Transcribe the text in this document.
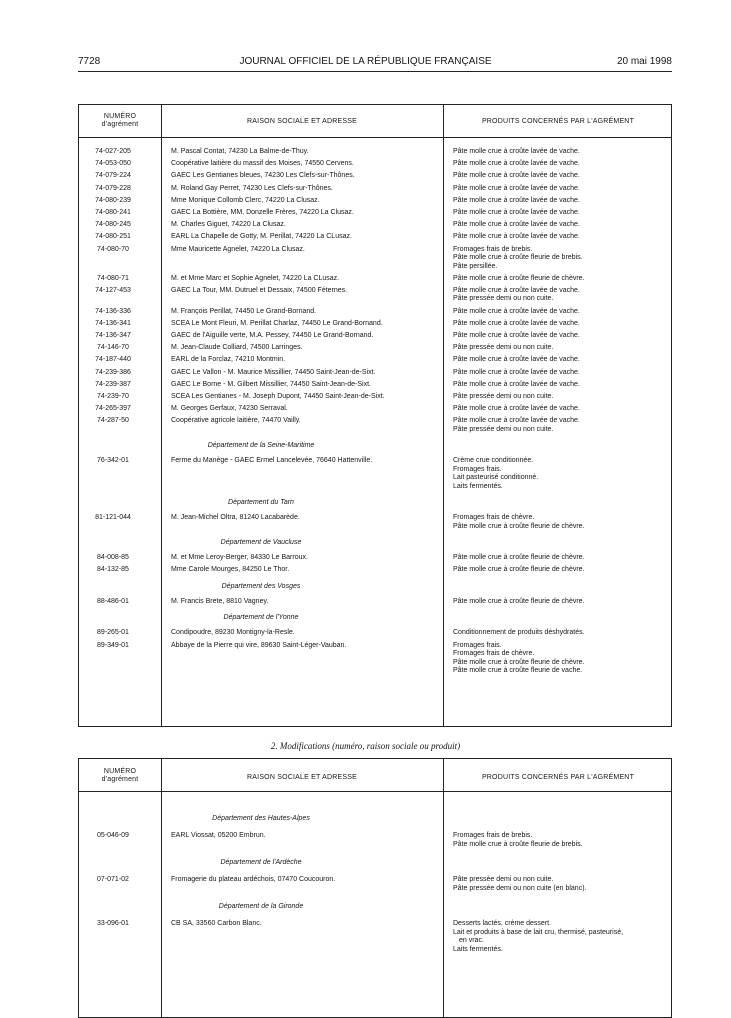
7728	JOURNAL OFFICIEL DE LA RÉPUBLIQUE FRANÇAISE	20 mai 1998
NUMÉRO
d'agrément	RAISON SOCIALE ET ADRESSE	PRODUITS CONCERNÉS PAR L'AGRÉMENT
74-027-205	M. Pascal Contat, 74230 La Balme-de-Thuy.	Pâte molle crue à croûte lavée de vache.
74-053-050	Coopérative laitière du massif des Moises, 74550 Cervens.	Pâte molle crue à croûte lavée de vache.
74-079-224	GAEC Les Gentianes bleues, 74230 Les Clefs-sur-Thônes.	Pâte molle crue à croûte lavée de vache.
74-079-228	M. Roland Gay Perret, 74230 Les Clefs-sur-Thônes.	Pâte molle crue à croûte lavée de vache.
74-080-239	Mme Monique Collomb Clerc, 74220 La Clusaz.	Pâte molle crue à croûte lavée de vache.
74-080-241	GAEC La Bottière, MM. Donzelle Frères, 74220 La Clusaz.	Pâte molle crue à croûte lavée de vache.
74-080-245	M. Charles Giguet, 74220 La Clusaz.	Pâte molle crue à croûte lavée de vache.
74-080-251	EARL La Chapelle de Gotty, M. Perillat, 74220 La CLusaz.	Pâte molle crue à croûte lavée de vache.
74-080-70	Mme Mauricette Agnelet, 74220 La Clusaz.	Fromages frais de brebis.
Pâte molle crue à croûte fleurie de brebis.
Pâte persillée.
74-080-71	M. et Mme Marc et Sophie Agnelet, 74220 La CLusaz.	Pâte molle crue à croûte fleurie de chèvre.
74-127-453	GAEC La Tour, MM. Dutruel et Dessaix, 74500 Féternes.	Pâte molle crue à croûte lavée de vache.
Pâte pressée demi ou non cuite.
74-136-336	M. François Perillat, 74450 Le Grand-Bornand.	Pâte molle crue à croûte lavée de vache.
74-136-341	SCEA Le Mont Fleuri, M. Perillat Charlaz, 74450 Le Grand-Bornand.	Pâte molle crue à croûte lavée de vache.
74-136-347	GAEC de l'Aiguille verte, M.A. Pessey, 74450 Le Grand-Bornand.	Pâte molle crue à croûte lavée de vache.
74-146-70	M. Jean-Claude Colliard, 74500 Larringes.	Pâte pressée demi ou non cuite.
74-187-440	EARL de la Forclaz, 74210 Montmin.	Pâte molle crue à croûte lavée de vache.
74-239-386	GAEC Le Vallon - M. Maurice Missillier, 74450 Saint-Jean-de-Sixt.	Pâte molle crue à croûte lavée de vache.
74-239-387	GAEC Le Borne - M. Gilbert Missillier, 74450 Saint-Jean-de-Sixt.	Pâte molle crue à croûte lavée de vache.
74-239-70	SCEA Les Gentianes - M. Joseph Dupont, 74450 Saint-Jean-de-Sixt.	Pâte pressée demi ou non cuite.
74-265-397	M. Georges Gerfaux, 74230 Serraval.	Pâte molle crue à croûte lavée de vache.
74-287-50	Coopérative agricole laitière, 74470 Vailly.	Pâte molle crue à croûte lavée de vache.
Pâte pressée demi ou non cuite.
Département de la Seine-Maritime
76-342-01	Ferme du Manège - GAEC Ermel Lancelevée, 76640 Hattenville.	Crème crue conditionnée.
Fromages frais.
Lait pasteurisé conditionné.
Laits fermentés.
Département du Tarn
81-121-044	M. Jean-Michel Oltra, 81240 Lacabarède.	Fromages frais de chèvre.
Pâte molle crue à croûte fleurie de chèvre.
Département de Vaucluse
84-008-85	M. et Mme Leroy-Berger, 84330 Le Barroux.	Pâte molle crue à croûte fleurie de chèvre.
84-132-85	Mme Carole Mourges, 84250 Le Thor.	Pâte molle crue à croûte fleurie de chèvre.
Département des Vosges
88-486-01	M. Francis Brete, 8810 Vagney.	Pâte molle crue à croûte fleurie de chèvre.
Département de l'Yonne
89-265-01	Condipoudre, 89230 Montigny-la-Resle.	Conditionnement de produits déshydratés.
89-349-01	Abbaye de la Pierre qui vire, 89630 Saint-Léger-Vauban.	Fromages frais.
Fromages frais de chèvre.
Pâte molle crue à croûte fleurie de chèvre.
Pâte molle crue à croûte fleurie de vache.
2. Modifications (numéro, raison sociale ou produit)
NUMÉRO
d'agrément	RAISON SOCIALE ET ADRESSE	PRODUITS CONCERNÉS PAR L'AGRÉMENT
Département des Hautes-Alpes
05-046-09	EARL Viossat, 05200 Embrun.	Fromages frais de brebis.
Pâte molle crue à croûte fleurie de brebis.
Département de l'Ardèche
07-071-02	Fromagerie du plateau ardéchois, 07470 Coucouron.	Pâte pressée demi ou non cuite.
Pâte pressée demi ou non cuite (en blanc).
Département de la Gironde
33-096-01	CB SA, 33560 Carbon Blanc.	Desserts lactés, crème dessert.
Lait et produits à base de lait cru, thermisé, pasteurisé,
en vrac.
Laits fermentés.
